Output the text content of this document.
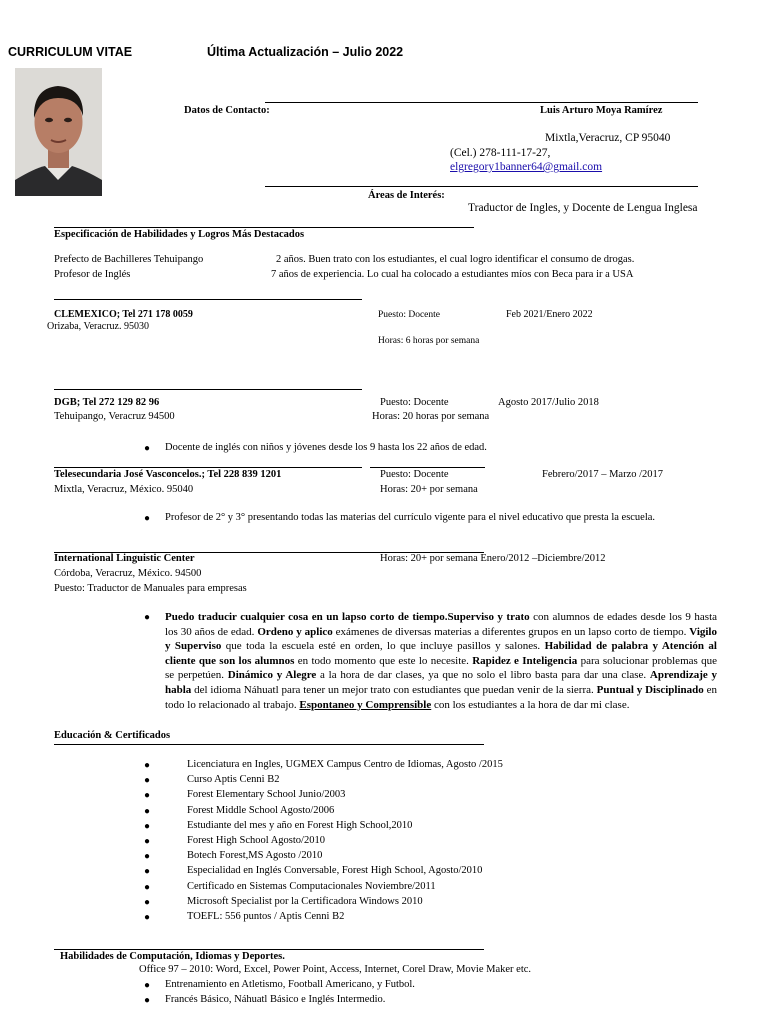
CURRICULUM VITAE	Última Actualización – Julio 2022
Datos de Contacto:	Luis Arturo Moya Ramírez
Mixtla,Veracruz, CP 95040
(Cel.) 278-111-17-27,
elgregory1banner64@gmail.com
Áreas de Interés:
Traductor de Ingles, y Docente de Lengua Inglesa
Especificación de Habilidades y Logros Más Destacados
Prefecto de Bachilleres Tehuipango	2 años. Buen trato con los estudiantes, el cual logro identificar el consumo de drogas.
Profesor de Inglés	7 años de experiencia. Lo cual ha colocado a estudiantes míos con Beca para ir a USA
CLEMEXICO; Tel 271 178 0059
Orizaba, Veracruz. 95030
Puesto: Docente	Feb 2021/Enero 2022
Horas: 6 horas por semana
DGB; Tel 272 129 82 96
Tehuipango, Veracruz 94500
Puesto: Docente	Agosto 2017/Julio 2018
Horas: 20 horas por semana
● Docente de inglés con niños y jóvenes desde los 9 hasta los 22 años de edad.
Telesecundaria José Vasconcelos.; Tel 228 839 1201
Mixtla, Veracruz, México. 95040
Puesto: Docente	Febrero/2017 – Marzo /2017
Horas: 20+ por semana
● Profesor de 2° y 3° presentando todas las materias del currículo vigente para el nivel educativo que presta la escuela.
International Linguistic Center	Horas: 20+ por semana Enero/2012 –Diciembre/2012
Córdoba, Veracruz, México. 94500
Puesto: Traductor de Manuales para empresas
● Puedo traducir cualquier cosa en un lapso corto de tiempo.Superviso y trato con alumnos de edades desde los 9 hasta los 30 años de edad. Ordeno y aplico exámenes de diversas materias a diferentes grupos en un lapso corto de tiempo. Vigilo y Superviso que toda la escuela esté en orden, lo que incluye pasillos y salones. Habilidad de palabra y Atención al cliente que son los alumnos en todo momento que este lo necesite. Rapidez e Inteligencia para solucionar problemas que se perpetúen. Dinámico y Alegre a la hora de dar clases, ya que no solo el libro basta para dar una clase. Aprendizaje y habla del idioma Náhuatl para tener un mejor trato con estudiantes que puedan venir de la sierra. Puntual y Disciplinado en todo lo relacionado al trabajo. Espontaneo y Comprensible con los estudiantes a la hora de dar mi clase.
Educación & Certificados
●	Licenciatura en Ingles, UGMEX Campus Centro de Idiomas, Agosto /2015
●	Curso Aptis Cenni B2
●	Forest Elementary School Junio/2003
●	Forest Middle School Agosto/2006
●	Estudiante del mes y año en Forest High School,2010
●	Forest High School Agosto/2010
●	Botech Forest,MS Agosto /2010
●	Especialidad en Inglés Conversable, Forest High School, Agosto/2010
●	Certificado en Sistemas Computacionales Noviembre/2011
●	Microsoft Specialist por la Certificadora Windows 2010
●	TOEFL: 556 puntos / Aptis Cenni B2
Habilidades de Computación, Idiomas y Deportes.
Office 97 – 2010: Word, Excel, Power Point, Access, Internet, Corel Draw, Movie Maker etc.
● Entrenamiento en Atletismo, Football Americano, y Futbol.
● Francés Básico, Náhuatl Básico e Inglés Intermedio.
